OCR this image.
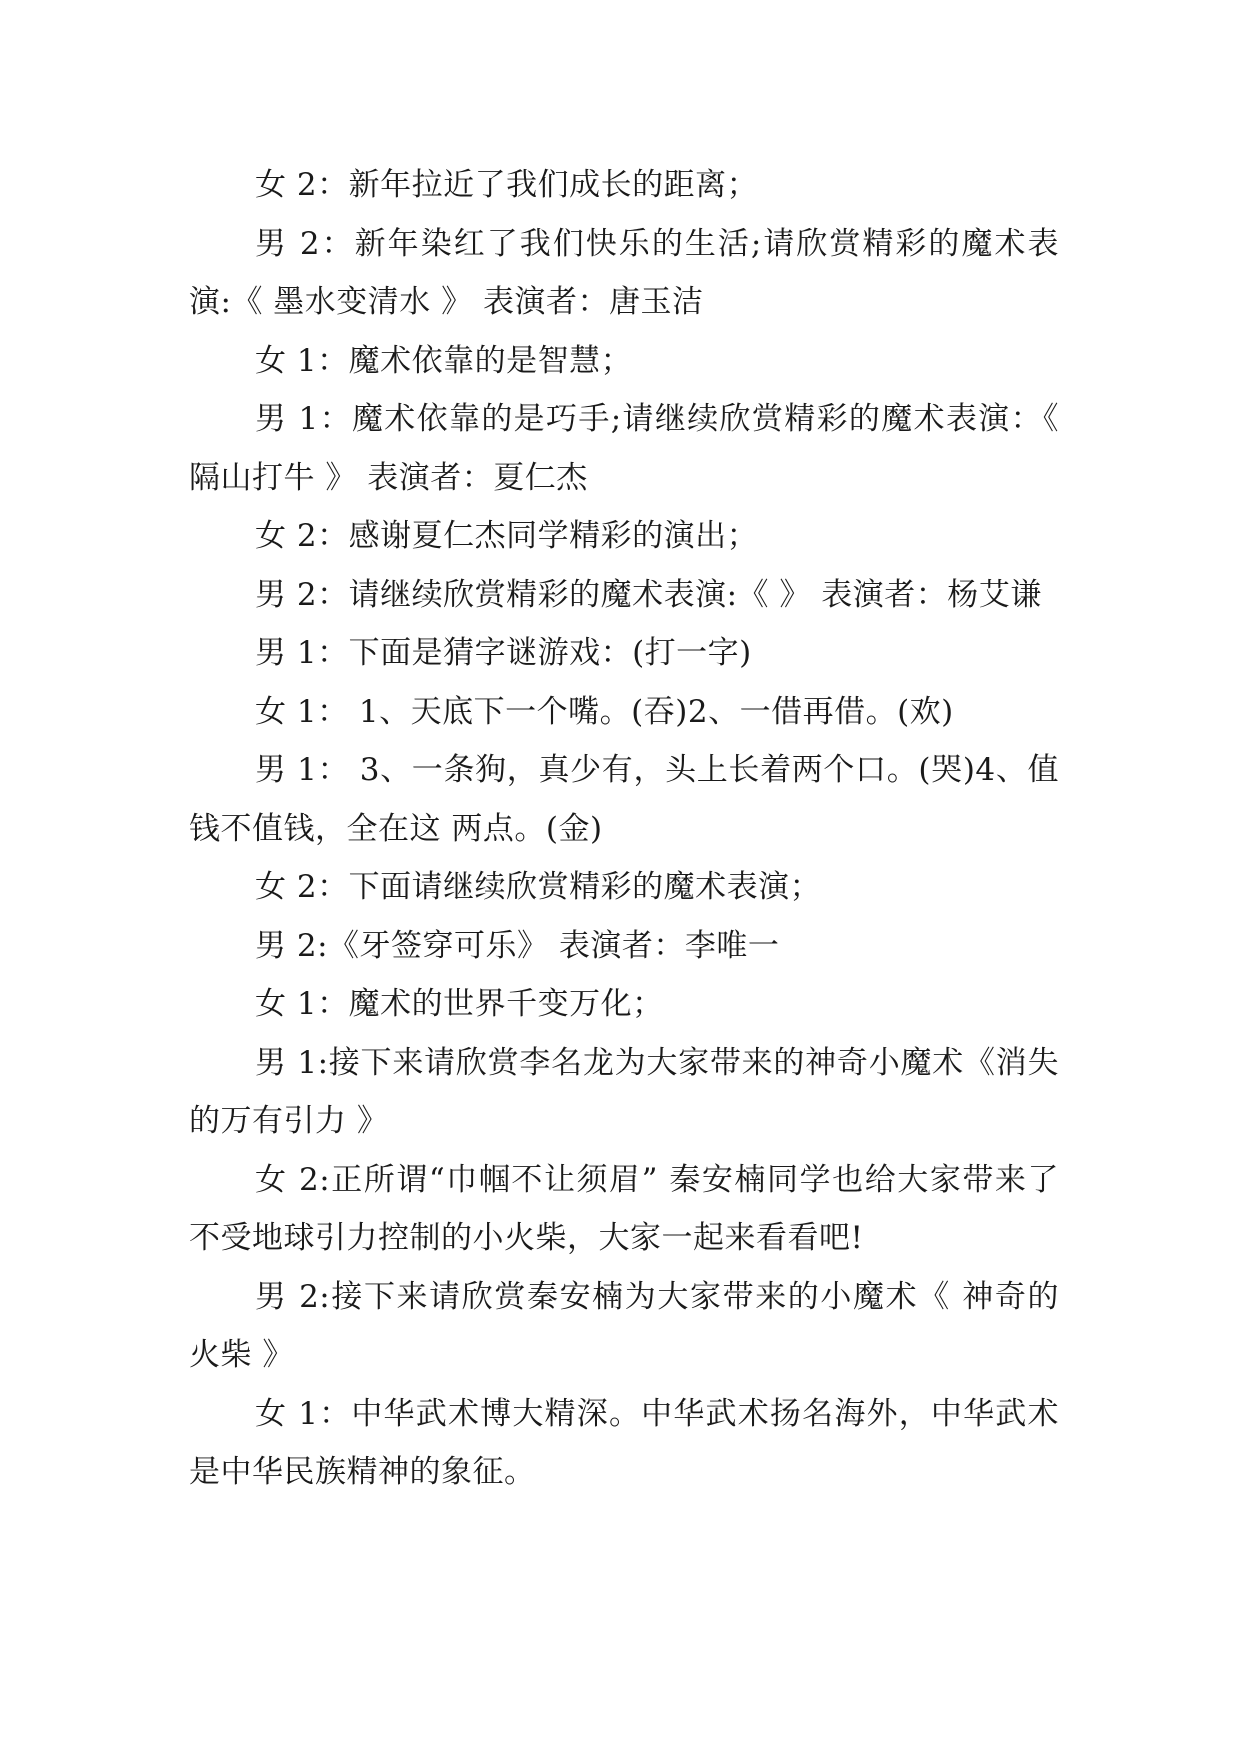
女 2：新年拉近了我们成长的距离；

男 2：新年染红了我们快乐的生活;请欣赏精彩的魔术表演:《 墨水变清水 》 表演者：唐玉洁

女 1：魔术依靠的是智慧；

男 1：魔术依靠的是巧手;请继续欣赏精彩的魔术表演：《 隔山打牛 》 表演者：夏仁杰

女 2：感谢夏仁杰同学精彩的演出；

男 2：请继续欣赏精彩的魔术表演:《 》 表演者：杨艾谦

男 1：下面是猜字谜游戏：(打一字)

女 1： 1、天底下一个嘴。(吞)2、一借再借。(欢)

男 1： 3、一条狗，真少有，头上长着两个口。(哭)4、值钱不值钱，全在这 两点。(金)

女 2：下面请继续欣赏精彩的魔术表演；

男 2:《牙签穿可乐》 表演者：李唯一

女 1：魔术的世界千变万化；

男 1:接下来请欣赏李名龙为大家带来的神奇小魔术《消失的万有引力 》

女 2:正所谓“巾帼不让须眉” 秦安楠同学也给大家带来了不受地球引力控制的小火柴，大家一起来看看吧!

男 2:接下来请欣赏秦安楠为大家带来的小魔术《 神奇的火柴 》

女 1：中华武术博大精深。中华武术扬名海外，中华武术是中华民族精神的象征。
